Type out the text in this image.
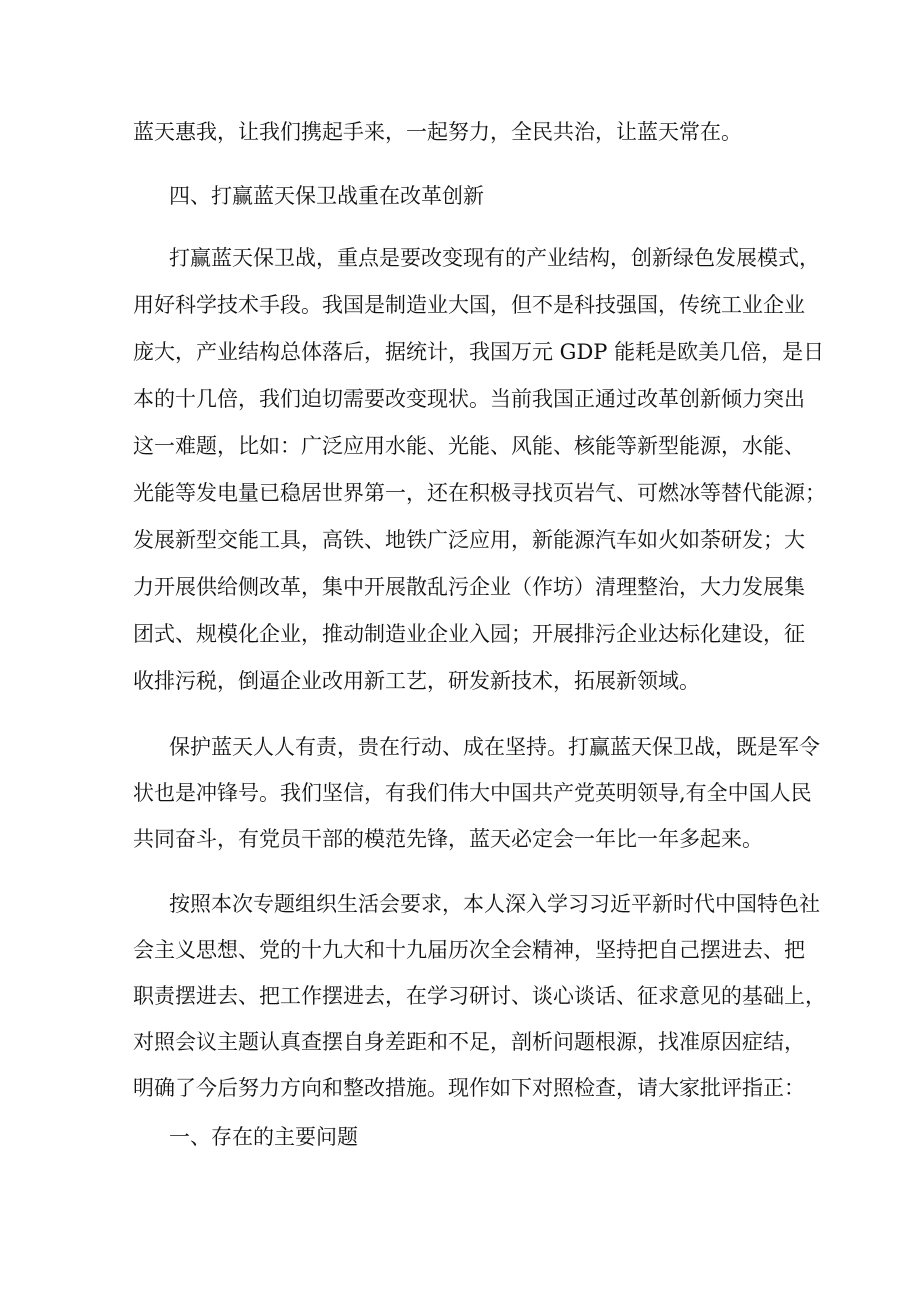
蓝天惠我，让我们携起手来，一起努力，全民共治，让蓝天常在。
四、打赢蓝天保卫战重在改革创新
打赢蓝天保卫战，重点是要改变现有的产业结构，创新绿色发展模式，
用好科学技术手段。我国是制造业大国，但不是科技强国，传统工业企业
庞大，产业结构总体落后，据统计，我国万元 GDP 能耗是欧美几倍，是日
本的十几倍，我们迫切需要改变现状。当前我国正通过改革创新倾力突出
这一难题，比如：广泛应用水能、光能、风能、核能等新型能源，水能、
光能等发电量已稳居世界第一，还在积极寻找页岩气、可燃冰等替代能源；
发展新型交能工具，高铁、地铁广泛应用，新能源汽车如火如荼研发；大
力开展供给侧改革，集中开展散乱污企业（作坊）清理整治，大力发展集
团式、规模化企业，推动制造业企业入园；开展排污企业达标化建设，征
收排污税，倒逼企业改用新工艺，研发新技术，拓展新领域。
保护蓝天人人有责，贵在行动、成在坚持。打赢蓝天保卫战，既是军令
状也是冲锋号。我们坚信，有我们伟大中国共产党英明领导,有全中国人民
共同奋斗，有党员干部的模范先锋，蓝天必定会一年比一年多起来。
按照本次专题组织生活会要求，本人深入学习习近平新时代中国特色社
会主义思想、党的十九大和十九届历次全会精神，坚持把自己摆进去、把
职责摆进去、把工作摆进去，在学习研讨、谈心谈话、征求意见的基础上，
对照会议主题认真查摆自身差距和不足，剖析问题根源，找准原因症结，
明确了今后努力方向和整改措施。现作如下对照检查，请大家批评指正：
一、存在的主要问题
